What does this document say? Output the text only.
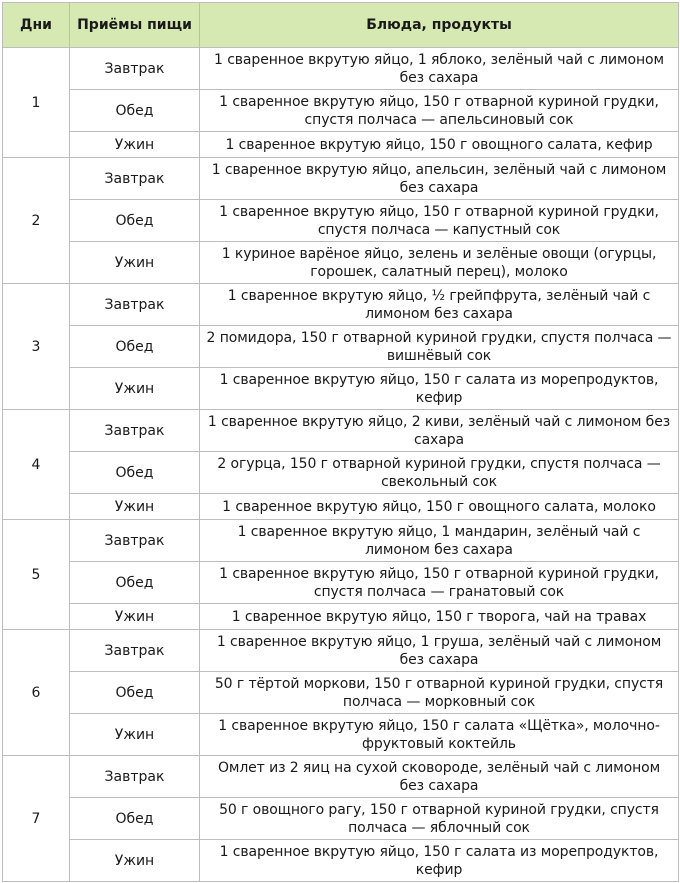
Дни	Приёмы пищи	Блюда, продукты
1	Завтрак	1 сваренное вкрутую яйцо, 1 яблоко, зелёный чай с лимоном без сахара
	Обед	1 сваренное вкрутую яйцо, 150 г отварной куриной грудки, спустя полчаса — апельсиновый сок
	Ужин	1 сваренное вкрутую яйцо, 150 г овощного салата, кефир
2	Завтрак	1 сваренное вкрутую яйцо, апельсин, зелёный чай с лимоном без сахара
	Обед	1 сваренное вкрутую яйцо, 150 г отварной куриной грудки, спустя полчаса — капустный сок
	Ужин	1 куриное варёное яйцо, зелень и зелёные овощи (огурцы, горошек, салатный перец), молоко
3	Завтрак	1 сваренное вкрутую яйцо, ½ грейпфрута, зелёный чай с лимоном без сахара
	Обед	2 помидора, 150 г отварной куриной грудки, спустя полчаса — вишнёвый сок
	Ужин	1 сваренное вкрутую яйцо, 150 г салата из морепродуктов, кефир
4	Завтрак	1 сваренное вкрутую яйцо, 2 киви, зелёный чай с лимоном без сахара
	Обед	2 огурца, 150 г отварной куриной грудки, спустя полчаса — свекольный сок
	Ужин	1 сваренное вкрутую яйцо, 150 г овощного салата, молоко
5	Завтрак	1 сваренное вкрутую яйцо, 1 мандарин, зелёный чай с лимоном без сахара
	Обед	1 сваренное вкрутую яйцо, 150 г отварной куриной грудки, спустя полчаса — гранатовый сок
	Ужин	1 сваренное вкрутую яйцо, 150 г творога, чай на травах
6	Завтрак	1 сваренное вкрутую яйцо, 1 груша, зелёный чай с лимоном без сахара
	Обед	50 г тёртой моркови, 150 г отварной куриной грудки, спустя полчаса — морковный сок
	Ужин	1 сваренное вкрутую яйцо, 150 г салата «Щётка», молочно-фруктовый коктейль
7	Завтрак	Омлет из 2 яиц на сухой сковороде, зелёный чай с лимоном без сахара
	Обед	50 г овощного рагу, 150 г отварной куриной грудки, спустя полчаса — яблочный сок
	Ужин	1 сваренное вкрутую яйцо, 150 г салата из морепродуктов, кефир
